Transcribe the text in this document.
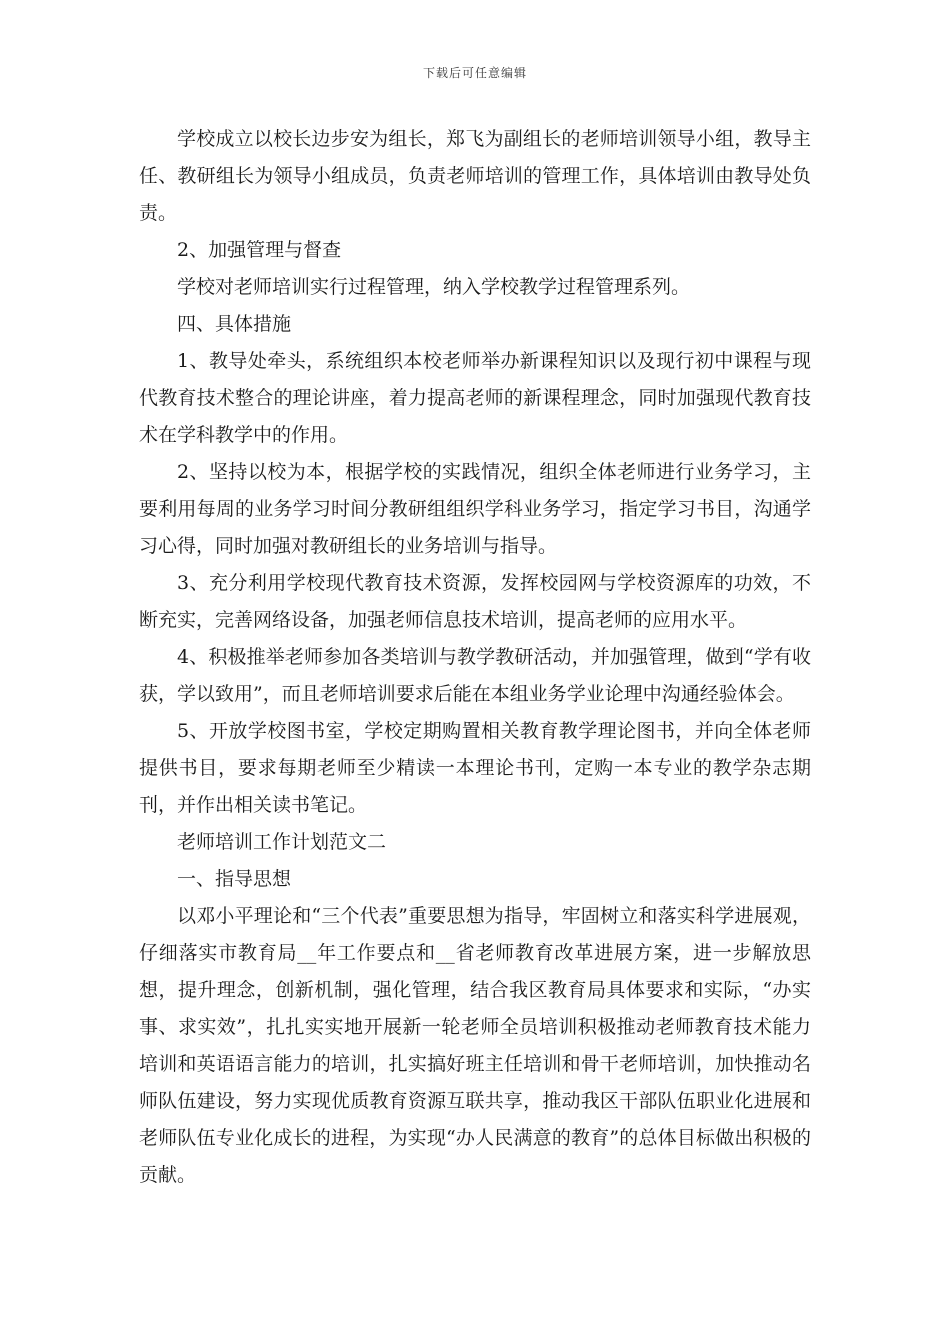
下载后可任意编辑

学校成立以校长边步安为组长，郑飞为副组长的老师培训领导小组，教导主任、教研组长为领导小组成员，负责老师培训的管理工作，具体培训由教导处负责。

2、加强管理与督查

学校对老师培训实行过程管理，纳入学校教学过程管理系列。

四、具体措施

1、教导处牵头，系统组织本校老师举办新课程知识以及现行初中课程与现代教育技术整合的理论讲座，着力提高老师的新课程理念，同时加强现代教育技术在学科教学中的作用。

2、坚持以校为本，根据学校的实践情况，组织全体老师进行业务学习，主要利用每周的业务学习时间分教研组组织学科业务学习，指定学习书目，沟通学习心得，同时加强对教研组长的业务培训与指导。

3、充分利用学校现代教育技术资源，发挥校园网与学校资源库的功效，不断充实，完善网络设备，加强老师信息技术培训，提高老师的应用水平。

4、积极推举老师参加各类培训与教学教研活动，并加强管理，做到“学有收获，学以致用”，而且老师培训要求后能在本组业务学业论理中沟通经验体会。

5、开放学校图书室，学校定期购置相关教育教学理论图书，并向全体老师提供书目，要求每期老师至少精读一本理论书刊，定购一本专业的教学杂志期刊，并作出相关读书笔记。

老师培训工作计划范文二

一、指导思想

以邓小平理论和“三个代表”重要思想为指导，牢固树立和落实科学进展观，仔细落实市教育局__年工作要点和__省老师教育改革进展方案，进一步解放思想，提升理念，创新机制，强化管理，结合我区教育局具体要求和实际，“办实事、求实效”，扎扎实实地开展新一轮老师全员培训积极推动老师教育技术能力培训和英语语言能力的培训，扎实搞好班主任培训和骨干老师培训，加快推动名师队伍建设，努力实现优质教育资源互联共享，推动我区干部队伍职业化进展和老师队伍专业化成长的进程，为实现“办人民满意的教育”的总体目标做出积极的贡献。
